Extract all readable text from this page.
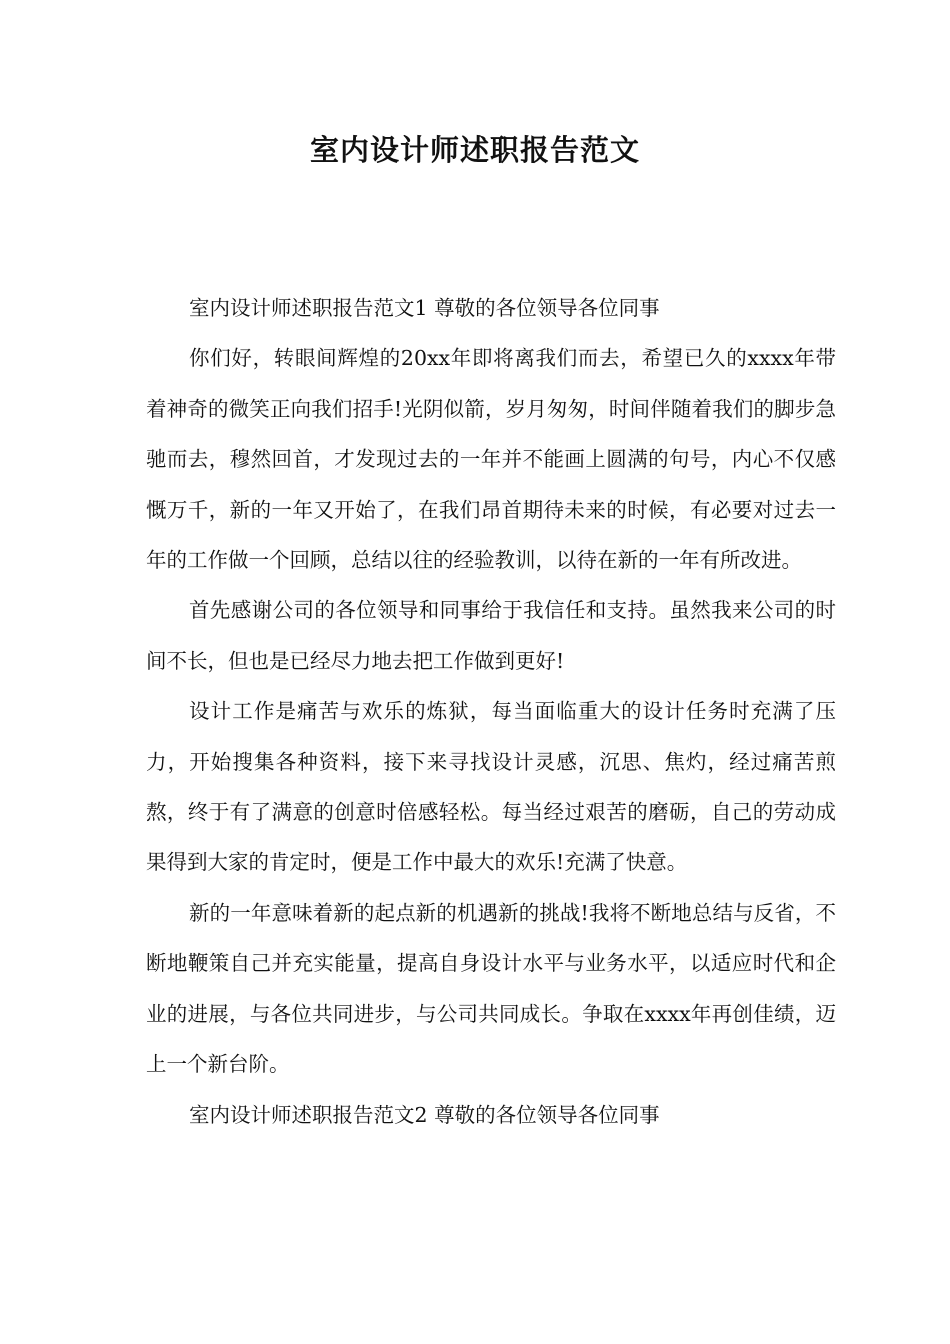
室内设计师述职报告范文

室内设计师述职报告范文1 尊敬的各位领导各位同事

你们好，转眼间辉煌的20xx年即将离我们而去，希望已久的xxxx年带着神奇的微笑正向我们招手!光阴似箭，岁月匆匆，时间伴随着我们的脚步急驰而去，穆然回首，才发现过去的一年并不能画上圆满的句号，内心不仅感慨万千，新的一年又开始了，在我们昂首期待未来的时候，有必要对过去一年的工作做一个回顾，总结以往的经验教训，以待在新的一年有所改进。

首先感谢公司的各位领导和同事给于我信任和支持。虽然我来公司的时间不长，但也是已经尽力地去把工作做到更好!

设计工作是痛苦与欢乐的炼狱，每当面临重大的设计任务时充满了压力，开始搜集各种资料，接下来寻找设计灵感，沉思、焦灼，经过痛苦煎熬，终于有了满意的创意时倍感轻松。每当经过艰苦的磨砺，自己的劳动成果得到大家的肯定时，便是工作中最大的欢乐!充满了快意。

新的一年意味着新的起点新的机遇新的挑战!我将不断地总结与反省，不断地鞭策自己并充实能量，提高自身设计水平与业务水平，以适应时代和企业的进展，与各位共同进步，与公司共同成长。争取在xxxx年再创佳绩，迈上一个新台阶。

室内设计师述职报告范文2 尊敬的各位领导各位同事
